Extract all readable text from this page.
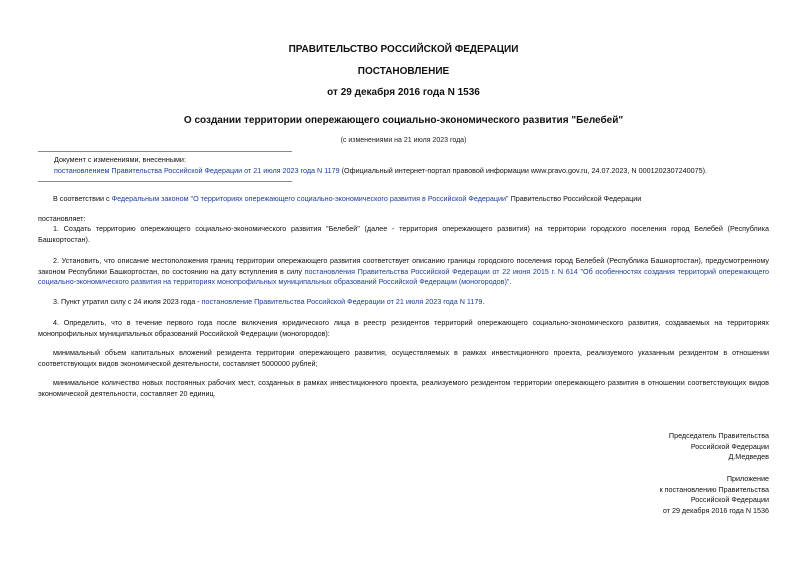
ПРАВИТЕЛЬСТВО РОССИЙСКОЙ ФЕДЕРАЦИИ
ПОСТАНОВЛЕНИЕ
от 29 декабря 2016 года N 1536
О создании территории опережающего социально-экономического развития "Белебей"
(с изменениями на 21 июля 2023 года)
Документ с изменениями, внесенными:
постановлением Правительства Российской Федерации от 21 июля 2023 года N 1179 (Официальный интернет-портал правовой информации www.pravo.gov.ru, 24.07.2023, N 0001202307240075).
В соответствии с Федеральным законом "О территориях опережающего социально-экономического развития в Российской Федерации" Правительство Российской Федерации
постановляет:
1. Создать территорию опережающего социально-экономического развития "Белебей" (далее - территория опережающего развития) на территории городского поселения город Белебей (Республика Башкортостан).
2. Установить, что описание местоположения границ территории опережающего развития соответствует описанию границы городского поселения город Белебей (Республика Башкортостан), предусмотренному законом Республики Башкортостан, по состоянию на дату вступления в силу постановления Правительства Российской Федерации от 22 июня 2015 г. N 614 "Об особенностях создания территорий опережающего социально-экономического развития на территориях монопрофильных муниципальных образований Российской Федерации (моногородов)".
3. Пункт утратил силу с 24 июля 2023 года - постановление Правительства Российской Федерации от 21 июля 2023 года N 1179.
4. Определить, что в течение первого года после включения юридического лица в реестр резидентов территорий опережающего социально-экономического развития, создаваемых на территориях монопрофильных муниципальных образований Российской Федерации (моногородов):
минимальный объем капитальных вложений резидента территории опережающего развития, осуществляемых в рамках инвестиционного проекта, реализуемого указанным резидентом в отношении соответствующих видов экономической деятельности, составляет 5000000 рублей;
минимальное количество новых постоянных рабочих мест, созданных в рамках инвестиционного проекта, реализуемого резидентом территории опережающего развития в отношении соответствующих видов экономической деятельности, составляет 20 единиц.
Председатель Правительства
Российской Федерации
Д.Медведев
Приложение
к постановлению Правительства
Российской Федерации
от 29 декабря 2016 года N 1536
